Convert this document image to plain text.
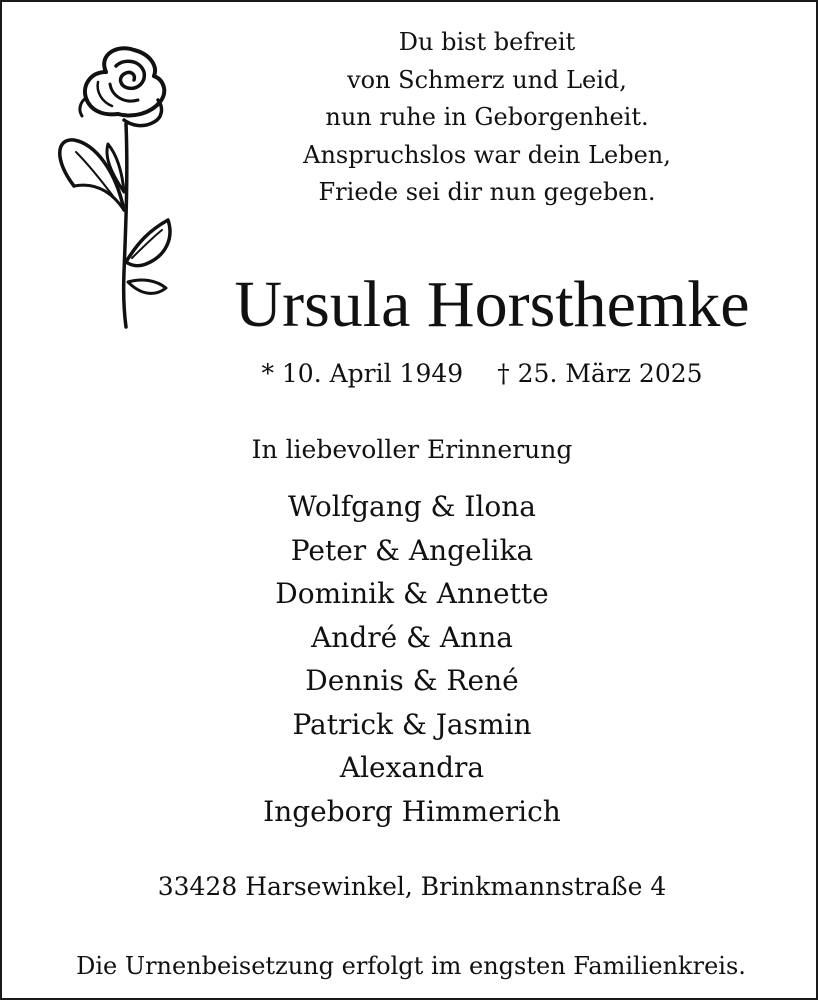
Du bist befreit
von Schmerz und Leid,
nun ruhe in Geborgenheit.
Anspruchslos war dein Leben,
Friede sei dir nun gegeben.
Ursula Horsthemke
* 10. April 1949 † 25. März 2025
In liebevoller Erinnerung
Wolfgang & Ilona
Peter & Angelika
Dominik & Annette
André & Anna
Dennis & René
Patrick & Jasmin
Alexandra
Ingeborg Himmerich
33428 Harsewinkel, Brinkmannstraße 4
Die Urnenbeisetzung erfolgt im engsten Familienkreis.
